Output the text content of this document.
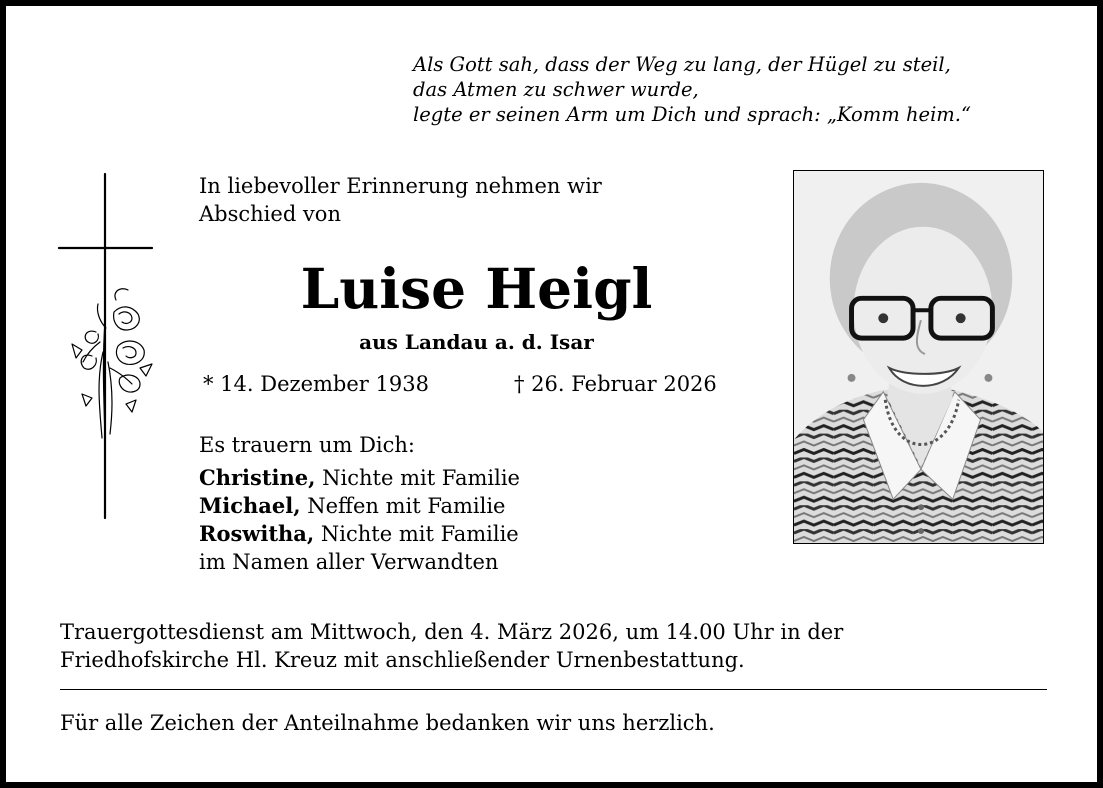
Als Gott sah, dass der Weg zu lang, der Hügel zu steil,
das Atmen zu schwer wurde,
legte er seinen Arm um Dich und sprach: „Komm heim.“
In liebevoller Erinnerung nehmen wir
Abschied von
Luise Heigl
aus Landau a. d. Isar
* 14. Dezember 1938	† 26. Februar 2026
Es trauern um Dich:
Christine, Nichte mit Familie
Michael, Neffen mit Familie
Roswitha, Nichte mit Familie
im Namen aller Verwandten
Trauergottesdienst am Mittwoch, den 4. März 2026, um 14.00 Uhr in der
Friedhofskirche Hl. Kreuz mit anschließender Urnenbestattung.
Für alle Zeichen der Anteilnahme bedanken wir uns herzlich.
